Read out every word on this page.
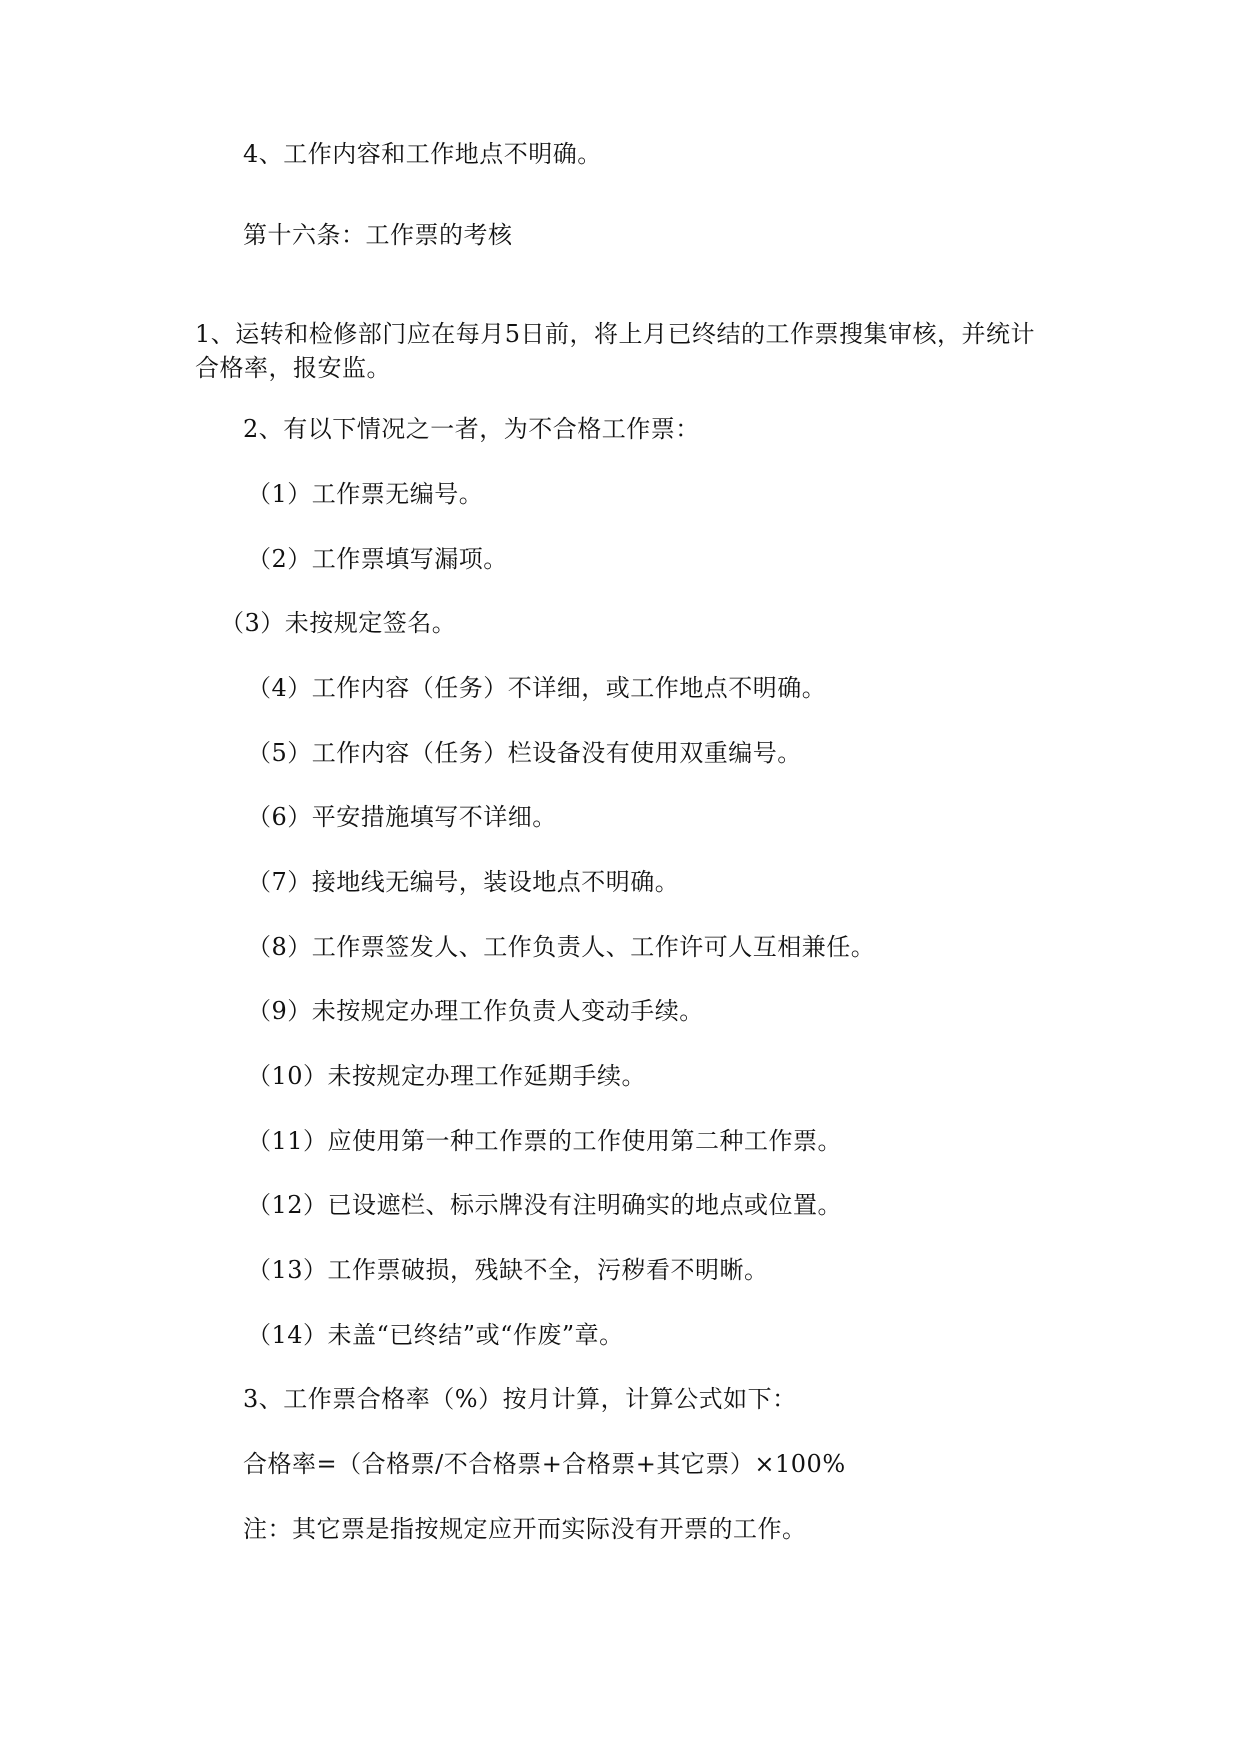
4、工作内容和工作地点不明确。
第十六条：工作票的考核
1、运转和检修部门应在每月5日前，将上月已终结的工作票搜集审核，并统计
合格率，报安监。
2、有以下情况之一者，为不合格工作票：
（1）工作票无编号。
（2）工作票填写漏项。
（3）未按规定签名。
（4）工作内容（任务）不详细，或工作地点不明确。
（5）工作内容（任务）栏设备没有使用双重编号。
（6）平安措施填写不详细。
（7）接地线无编号，装设地点不明确。
（8）工作票签发人、工作负责人、工作许可人互相兼任。
（9）未按规定办理工作负责人变动手续。
（10）未按规定办理工作延期手续。
（11）应使用第一种工作票的工作使用第二种工作票。
（12）已设遮栏、标示牌没有注明确实的地点或位置。
（13）工作票破损，残缺不全，污秽看不明晰。
（14）未盖“已终结”或“作废”章。
3、工作票合格率（%）按月计算，计算公式如下：
合格率=（合格票/不合格票+合格票+其它票）×100%
注：其它票是指按规定应开而实际没有开票的工作。
